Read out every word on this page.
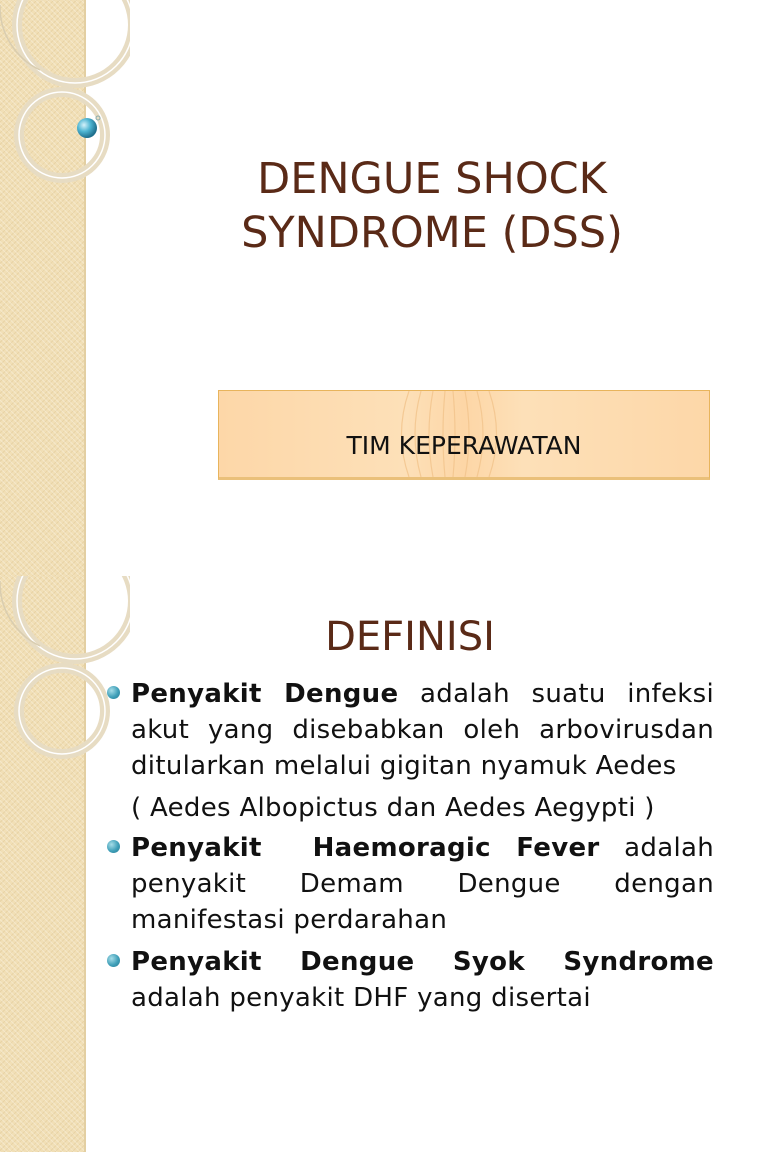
DENGUE SHOCK
SYNDROME (DSS)
TIM KEPERAWATAN
DEFINISI

Penyakit Dengue adalah suatu infeksi akut yang disebabkan oleh arbovirusdan ditularkan melalui gigitan nyamuk Aedes

( Aedes Albopictus dan Aedes Aegypti )

Penyakit  Haemoragic Fever adalah penyakit Demam Dengue dengan manifestasi perdarahan

Penyakit Dengue Syok Syndrome adalah penyakit DHF yang disertai
